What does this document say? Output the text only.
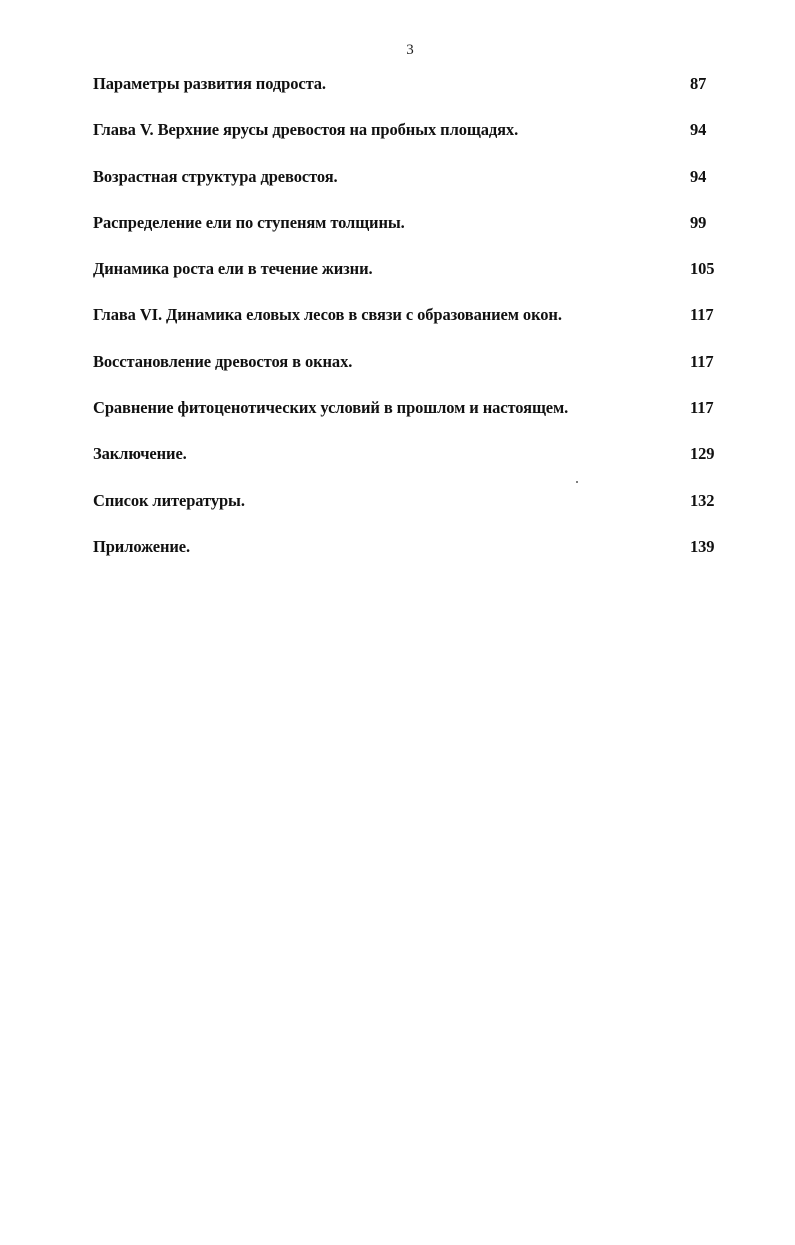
3
Параметры развития подроста.	87
Глава V. Верхние ярусы древостоя на пробных площадях.	94
Возрастная структура древостоя.	94
Распределение ели по ступеням толщины.	99
Динамика роста ели в течение жизни.	105
Глава VI. Динамика еловых лесов в связи с образованием окон.	117
Восстановление древостоя в окнах.	117
Сравнение фитоценотических условий в прошлом и настоящем.	117
Заключение.	129
Список литературы.	132
Приложение.	139
